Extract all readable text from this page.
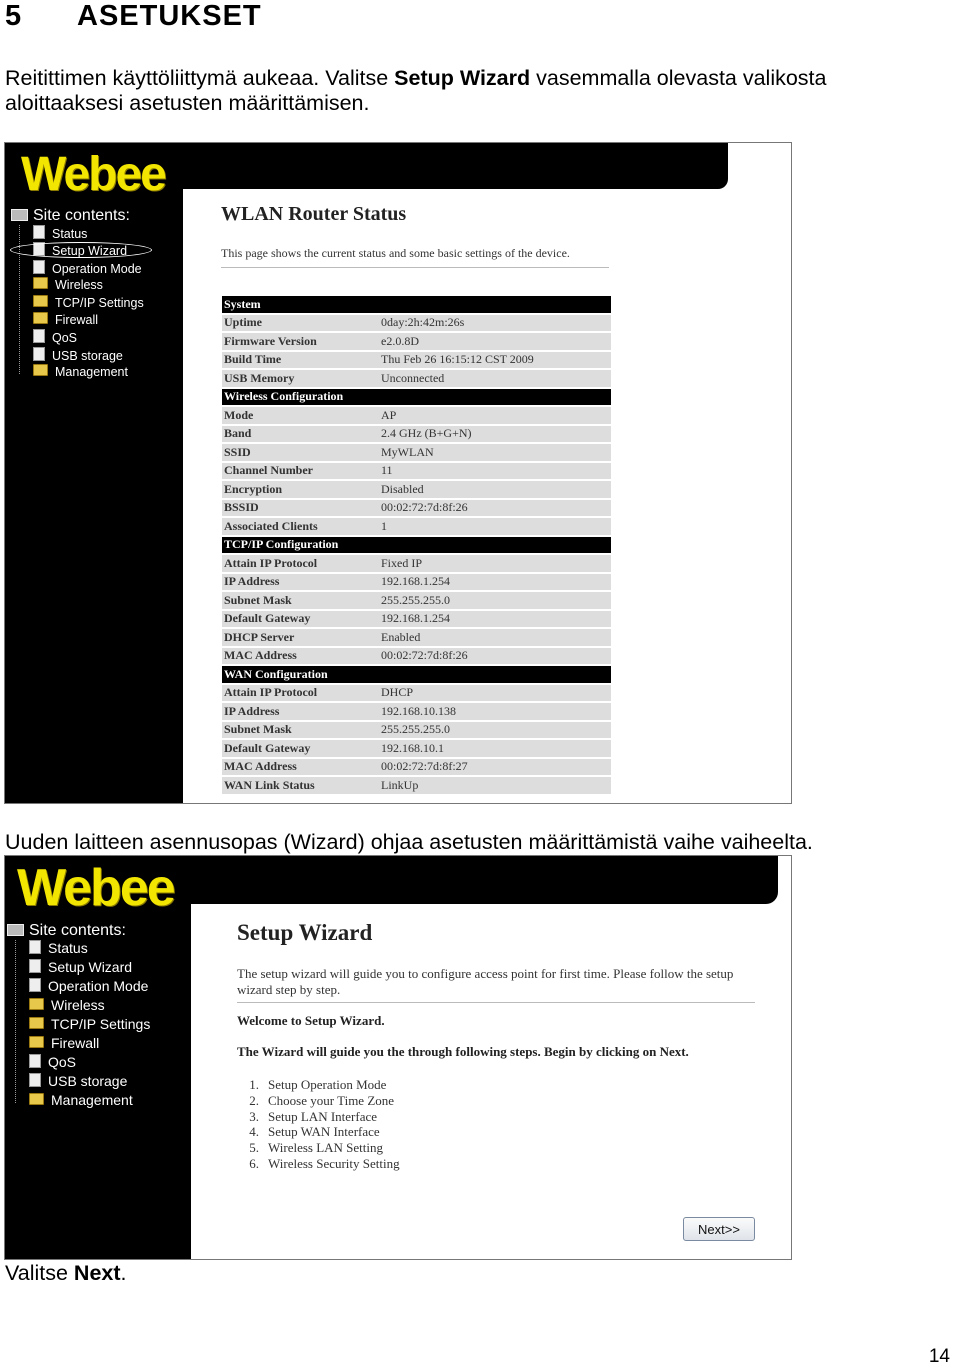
5 ASETUKSET
Reitittimen käyttöliittymä aukeaa. Valitse Setup Wizard vasemmalla olevasta valikosta
aloittaaksesi asetusten määrittämisen.
Webee
Site contents:
Status
Setup Wizard
Operation Mode
Wireless
TCP/IP Settings
Firewall
QoS
USB storage
Management
WLAN Router Status
This page shows the current status and some basic settings of the device.
System	
Uptime	0day:2h:42m:26s
Firmware Version	e2.0.8D
Build Time	Thu Feb 26 16:15:12 CST 2009
USB Memory	Unconnected
Wireless Configuration	
Mode	AP
Band	2.4 GHz (B+G+N)
SSID	MyWLAN
Channel Number	11
Encryption	Disabled
BSSID	00:02:72:7d:8f:26
Associated Clients	1
TCP/IP Configuration	
Attain IP Protocol	Fixed IP
IP Address	192.168.1.254
Subnet Mask	255.255.255.0
Default Gateway	192.168.1.254
DHCP Server	Enabled
MAC Address	00:02:72:7d:8f:26
WAN Configuration	
Attain IP Protocol	DHCP
IP Address	192.168.10.138
Subnet Mask	255.255.255.0
Default Gateway	192.168.10.1
MAC Address	00:02:72:7d:8f:27
WAN Link Status	LinkUp
Uuden laitteen asennusopas (Wizard) ohjaa asetusten määrittämistä vaihe vaiheelta.
Webee
Site contents:
Status
Setup Wizard
Operation Mode
Wireless
TCP/IP Settings
Firewall
QoS
USB storage
Management
Setup Wizard
The setup wizard will guide you to configure access point for first time. Please follow the setup wizard step by step.
Welcome to Setup Wizard.
The Wizard will guide you the through following steps. Begin by clicking on Next.
1. Setup Operation Mode
2. Choose your Time Zone
3. Setup LAN Interface
4. Setup WAN Interface
5. Wireless LAN Setting
6. Wireless Security Setting
Next>>
Valitse Next.
14
